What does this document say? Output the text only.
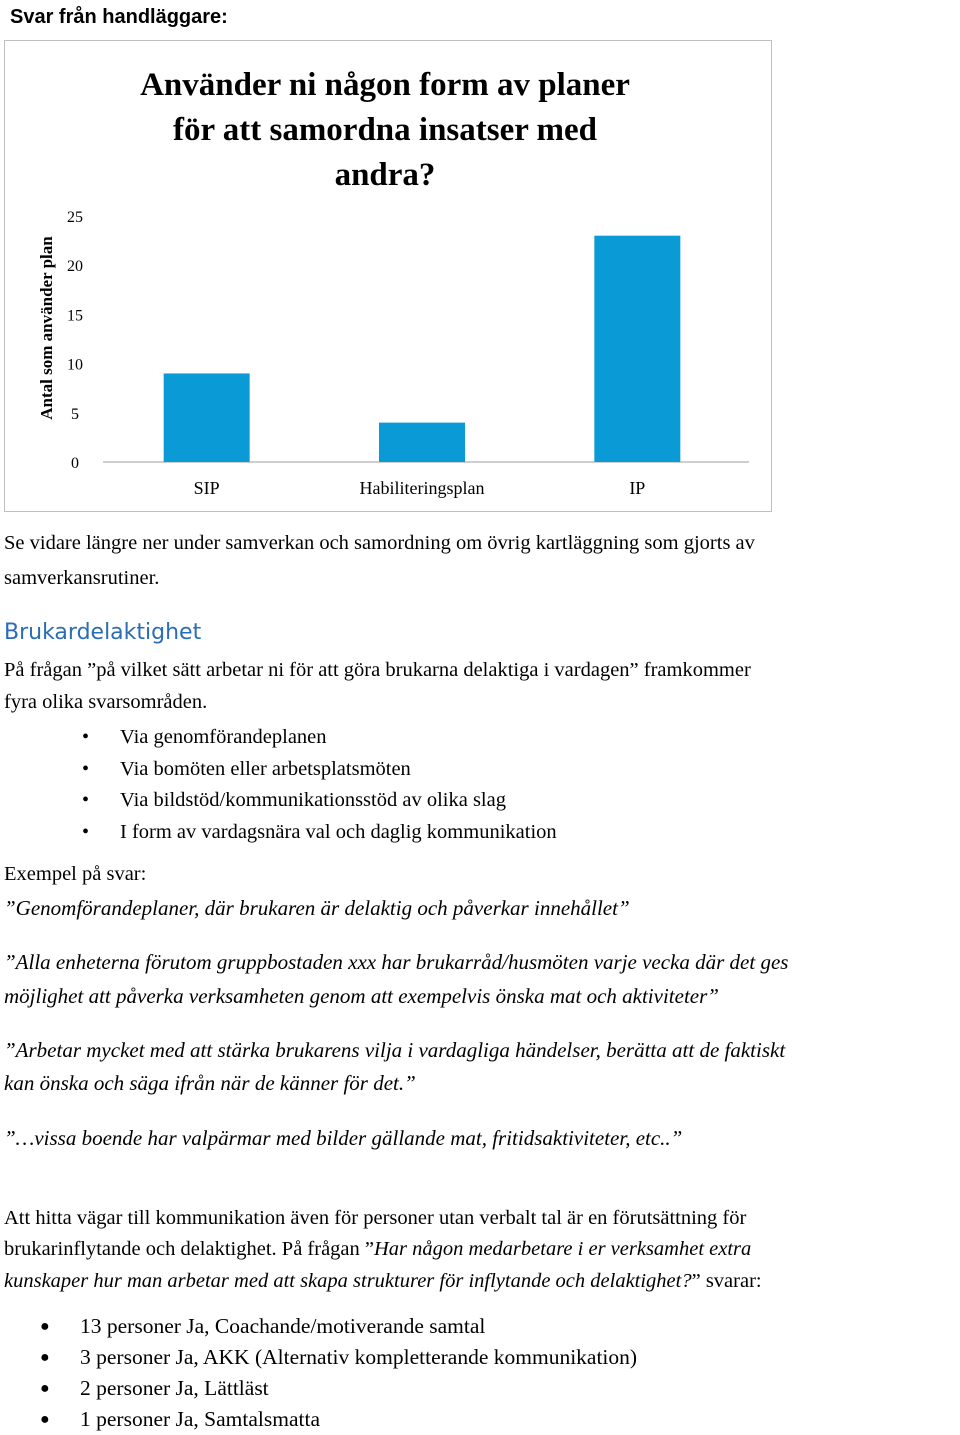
Svar från handläggare:
Använder ni någon form av planer
för att samordna insatser med
andra?
Antal som använder plan
0
5
10
15
20
25
SIP	Habiliteringsplan	IP
Se vidare längre ner under samverkan och samordning om övrig kartläggning som gjorts av
samverkansrutiner.
Brukardelaktighet
På frågan ”på vilket sätt arbetar ni för att göra brukarna delaktiga i vardagen” framkommer
fyra olika svarsområden.
• Via genomförandeplanen
• Via bomöten eller arbetsplatsmöten
• Via bildstöd/kommunikationsstöd av olika slag
• I form av vardagsnära val och daglig kommunikation
Exempel på svar:
”Genomförandeplaner, där brukaren är delaktig och påverkar innehållet”
”Alla enheterna förutom gruppbostaden xxx har brukarråd/husmöten varje vecka där det ges
möjlighet att påverka verksamheten genom att exempelvis önska mat och aktiviteter”
”Arbetar mycket med att stärka brukarens vilja i vardagliga händelser, berätta att de faktiskt
kan önska och säga ifrån när de känner för det.”
”…vissa boende har valpärmar med bilder gällande mat, fritidsaktiviteter, etc..”
Att hitta vägar till kommunikation även för personer utan verbalt tal är en förutsättning för
brukarinflytande och delaktighet. På frågan ”Har någon medarbetare i er verksamhet extra
kunskaper hur man arbetar med att skapa strukturer för inflytande och delaktighet?” svarar:
● 13 personer Ja, Coachande/motiverande samtal
● 3 personer Ja, AKK (Alternativ kompletterande kommunikation)
● 2 personer Ja, Lättläst
● 1 personer Ja, Samtalsmatta
